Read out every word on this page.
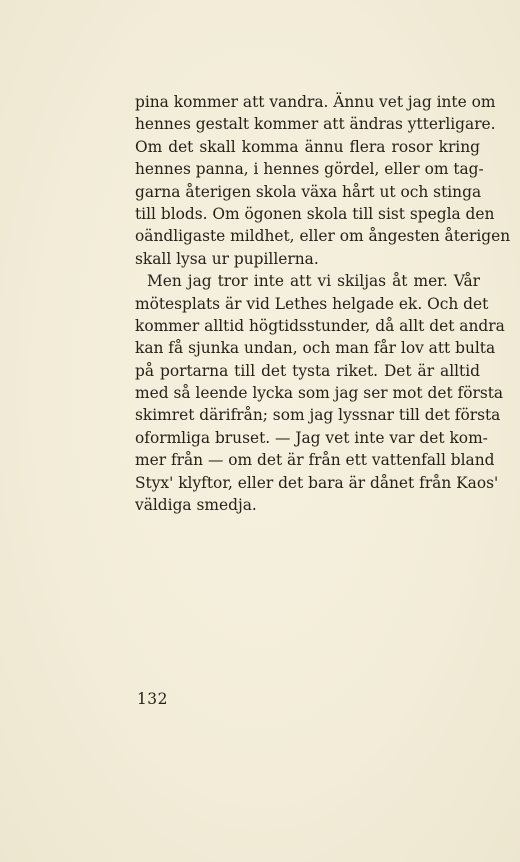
pina kommer att vandra. Ännu vet jag inte om
hennes gestalt kommer att ändras ytterligare.
Om det skall komma ännu flera rosor kring
hennes panna, i hennes gördel, eller om tag-
garna återigen skola växa hårt ut och stinga
till blods. Om ögonen skola till sist spegla den
oändligaste mildhet, eller om ångesten återigen
skall lysa ur pupillerna.
Men jag tror inte att vi skiljas åt mer. Vår
mötesplats är vid Lethes helgade ek. Och det
kommer alltid högtidsstunder, då allt det andra
kan få sjunka undan, och man får lov att bulta
på portarna till det tysta riket. Det är alltid
med så leende lycka som jag ser mot det första
skimret därifrån; som jag lyssnar till det första
oformliga bruset. — Jag vet inte var det kom-
mer från — om det är från ett vattenfall bland
Styx' klyftor, eller det bara är dånet från Kaos'
väldiga smedja.
132
